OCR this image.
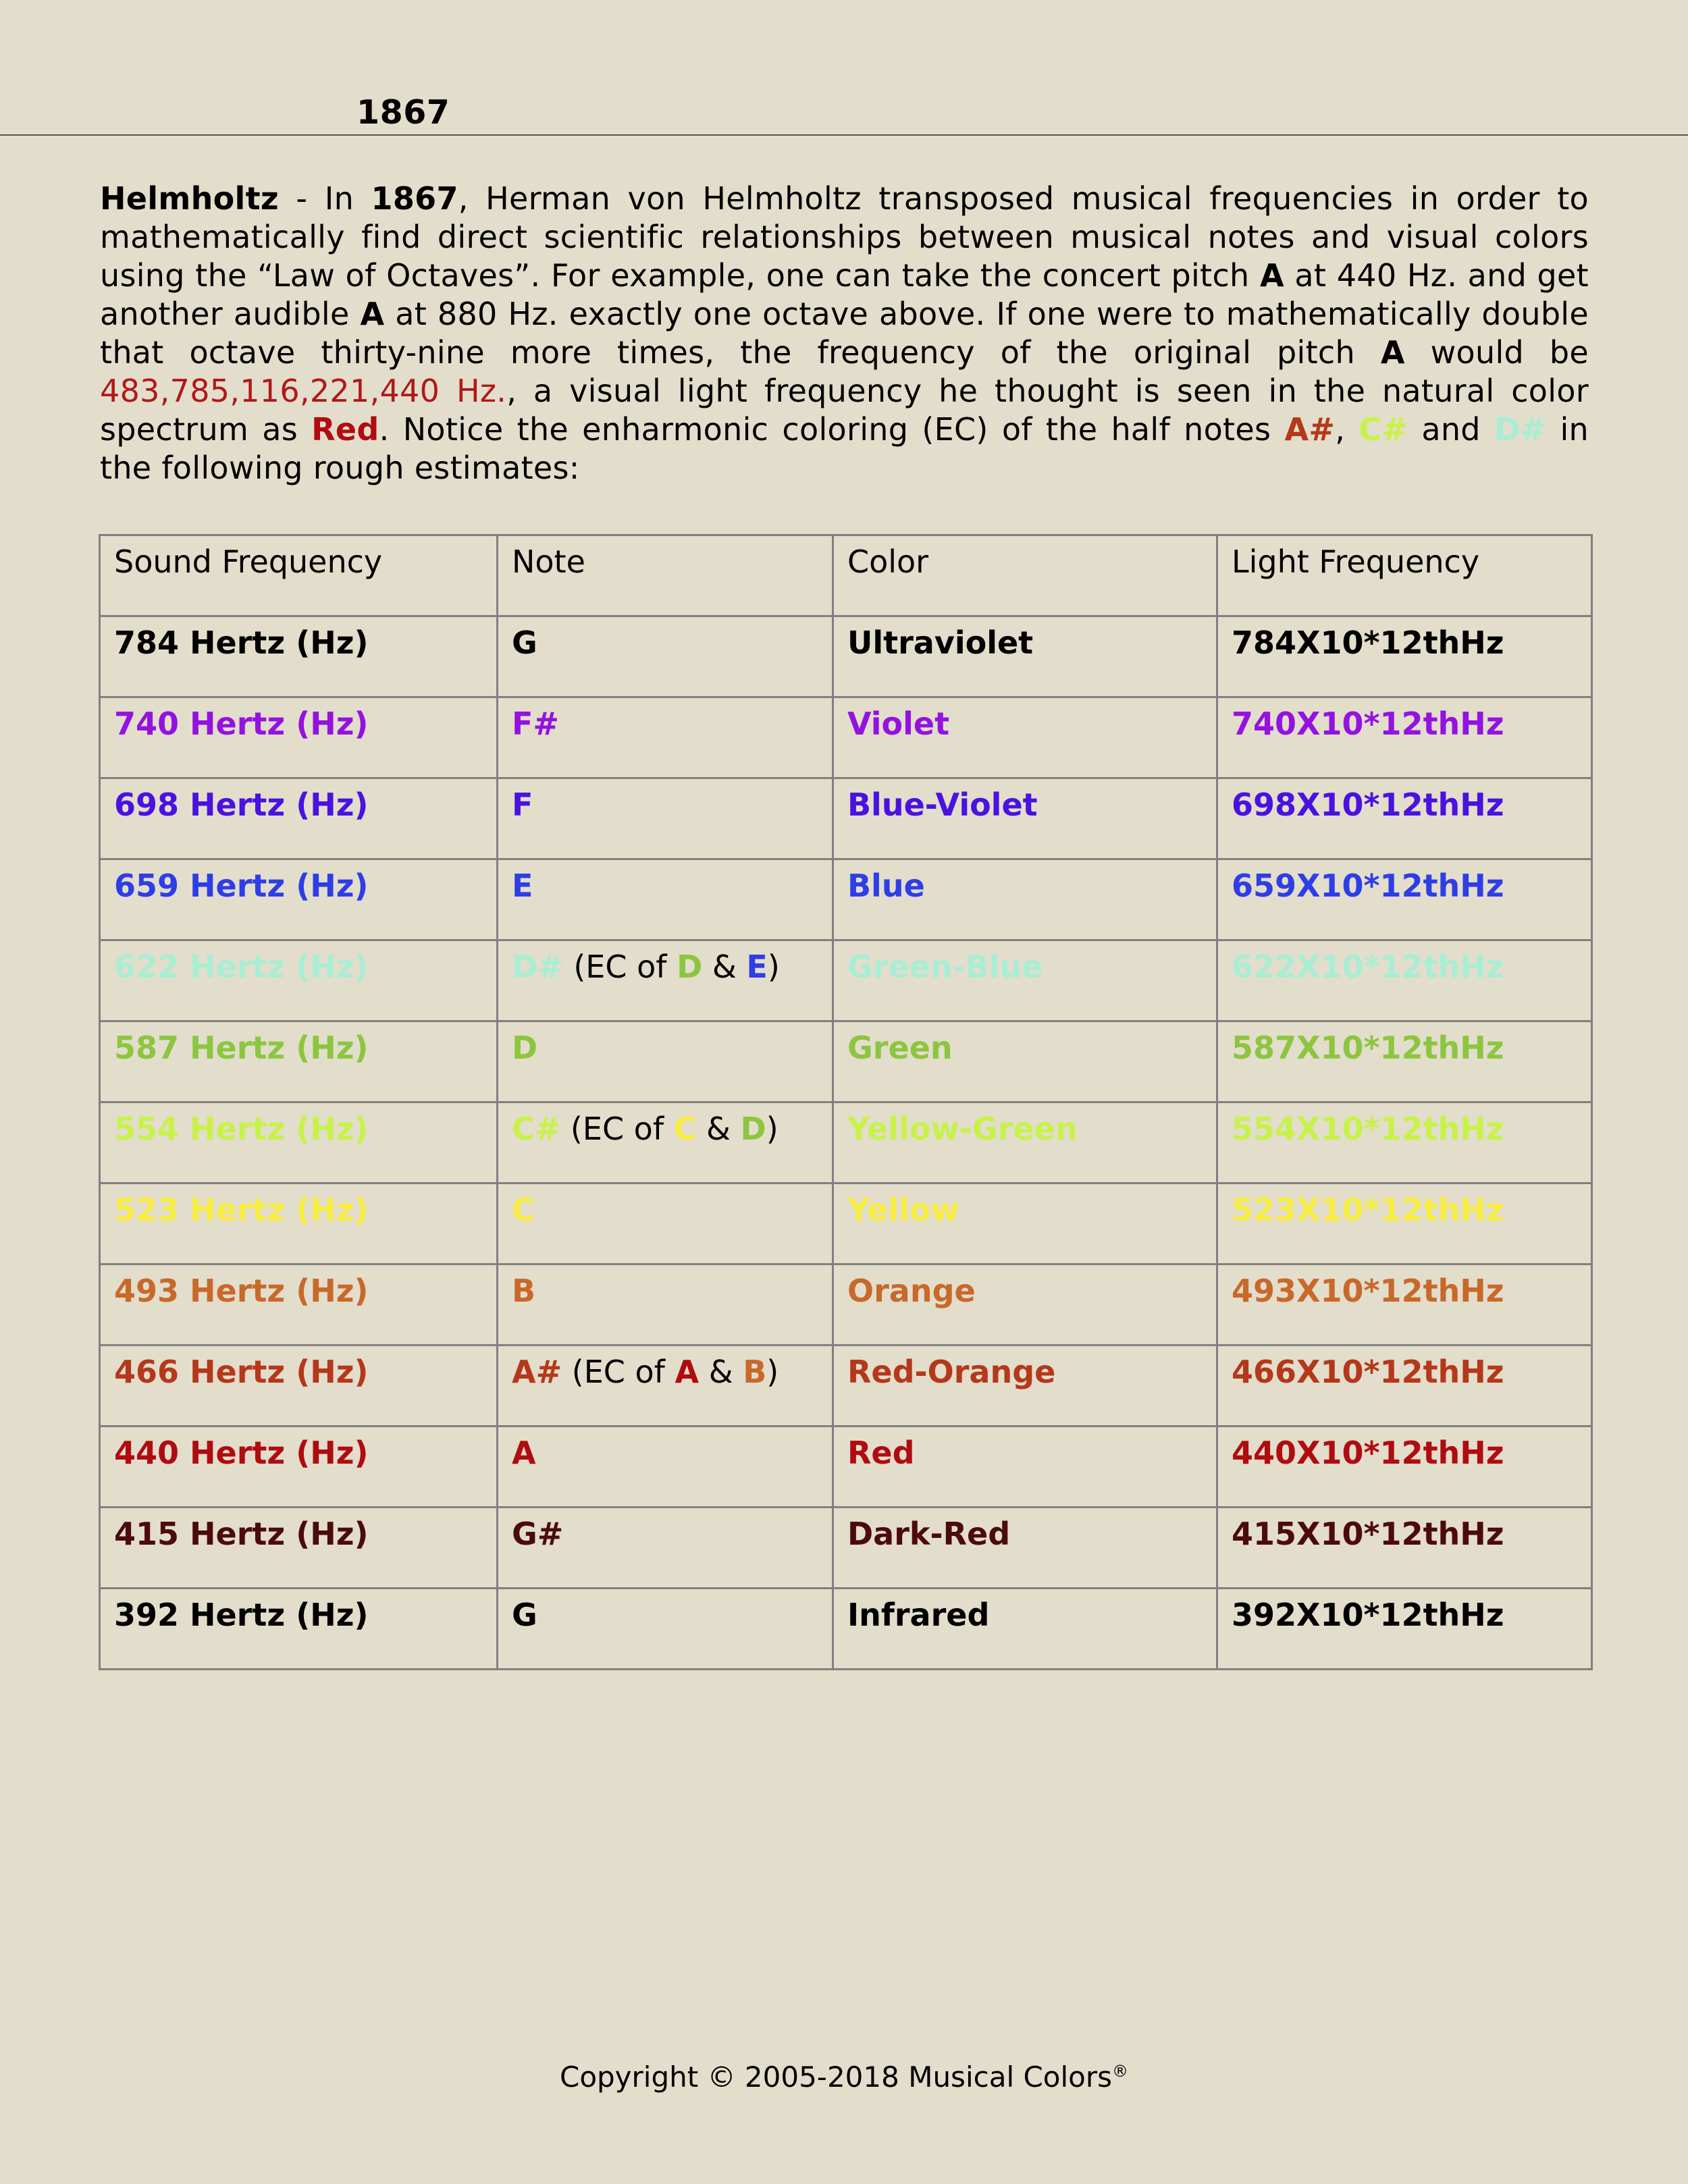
1867

Helmholtz - In 1867, Herman von Helmholtz transposed musical frequencies in order to mathematically find direct scientific relationships between musical notes and visual colors using the “Law of Octaves”. For example, one can take the concert pitch A at 440 Hz. and get another audible A at 880 Hz. exactly one octave above. If one were to mathematically double that octave thirty-nine more times, the frequency of the original pitch A would be 483,785,116,221,440 Hz., a visual light frequency he thought is seen in the natural color spectrum as Red. Notice the enharmonic coloring (EC) of the half notes A#, C# and D# in the following rough estimates:

Sound Frequency	Note	Color	Light Frequency
784 Hertz (Hz)	G	Ultraviolet	784X10*12thHz
740 Hertz (Hz)	F#	Violet	740X10*12thHz
698 Hertz (Hz)	F	Blue-Violet	698X10*12thHz
659 Hertz (Hz)	E	Blue	659X10*12thHz
622 Hertz (Hz)	D# (EC of D & E)	Green-Blue	622X10*12thHz
587 Hertz (Hz)	D	Green	587X10*12thHz
554 Hertz (Hz)	C# (EC of C & D)	Yellow-Green	554X10*12thHz
523 Hertz (Hz)	C	Yellow	523X10*12thHz
493 Hertz (Hz)	B	Orange	493X10*12thHz
466 Hertz (Hz)	A# (EC of A & B)	Red-Orange	466X10*12thHz
440 Hertz (Hz)	A	Red	440X10*12thHz
415 Hertz (Hz)	G#	Dark-Red	415X10*12thHz
392 Hertz (Hz)	G	Infrared	392X10*12thHz
Copyright © 2005-2018 Musical Colors®
